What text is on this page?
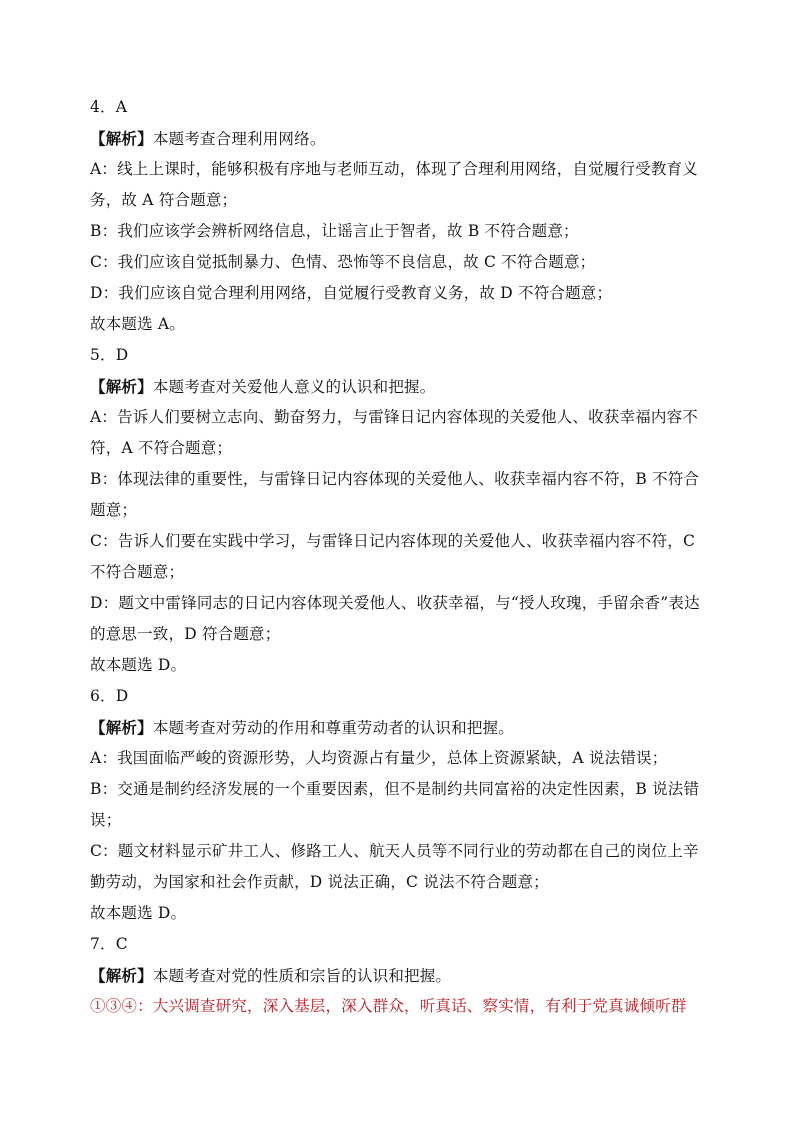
4．A
【解析】本题考查合理利用网络。
A：线上上课时，能够积极有序地与老师互动，体现了合理利用网络，自觉履行受教育义
务，故 A 符合题意；
B：我们应该学会辨析网络信息，让谣言止于智者，故 B 不符合题意；
C：我们应该自觉抵制暴力、色情、恐怖等不良信息，故 C 不符合题意；
D：我们应该自觉合理利用网络，自觉履行受教育义务，故 D 不符合题意；
故本题选 A。
5．D
【解析】本题考查对关爱他人意义的认识和把握。
A：告诉人们要树立志向、勤奋努力，与雷锋日记内容体现的关爱他人、收获幸福内容不
符，A 不符合题意；
B：体现法律的重要性，与雷锋日记内容体现的关爱他人、收获幸福内容不符，B 不符合
题意；
C：告诉人们要在实践中学习，与雷锋日记内容体现的关爱他人、收获幸福内容不符，C
不符合题意；
D：题文中雷锋同志的日记内容体现关爱他人、收获幸福，与“授人玫瑰，手留余香”表达
的意思一致，D 符合题意；
故本题选 D。
6．D
【解析】本题考查对劳动的作用和尊重劳动者的认识和把握。
A：我国面临严峻的资源形势，人均资源占有量少，总体上资源紧缺，A 说法错误；
B：交通是制约经济发展的一个重要因素，但不是制约共同富裕的决定性因素，B 说法错
误；
C：题文材料显示矿井工人、修路工人、航天人员等不同行业的劳动都在自己的岗位上辛
勤劳动，为国家和社会作贡献，D 说法正确，C 说法不符合题意；
故本题选 D。
7．C
【解析】本题考查对党的性质和宗旨的认识和把握。
①③④：大兴调查研究，深入基层，深入群众，听真话、察实情，有利于党真诚倾听群
